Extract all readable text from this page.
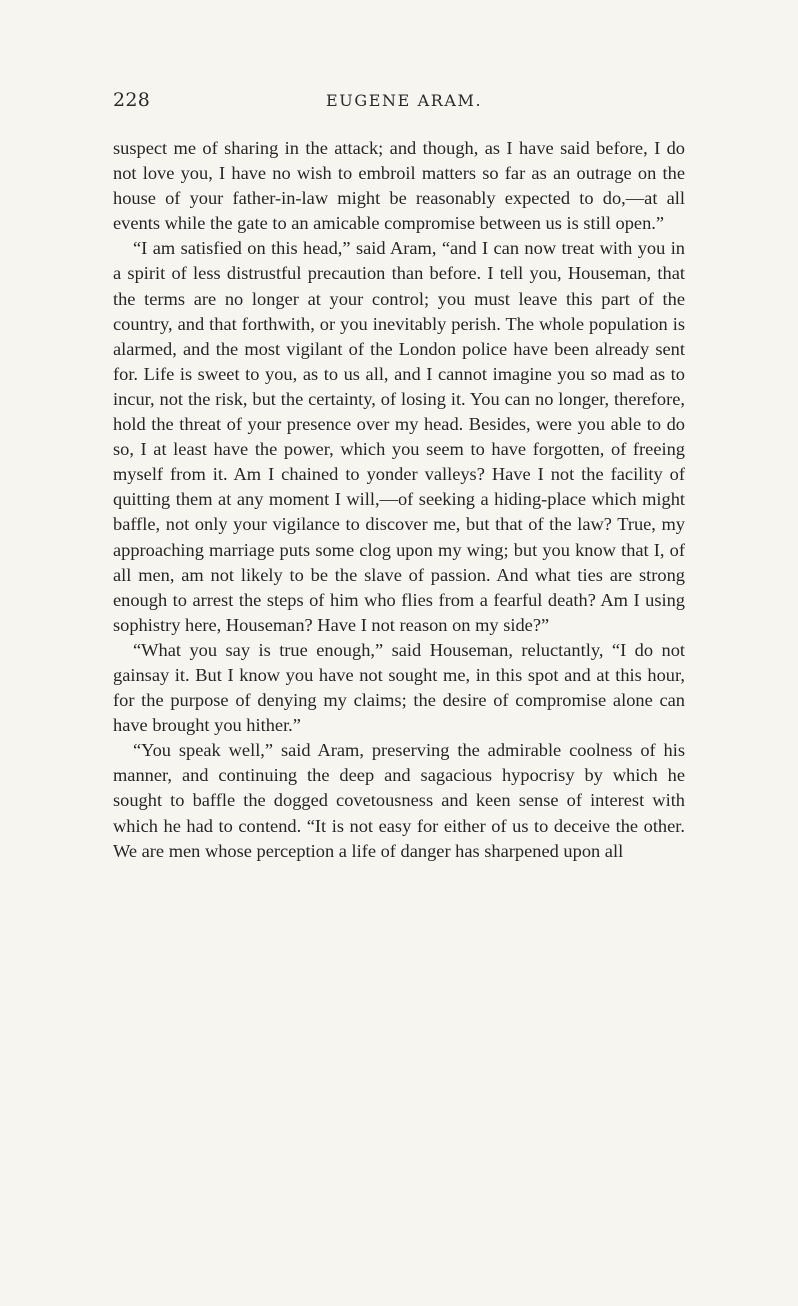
228	EUGENE ARAM.

suspect me of sharing in the attack; and though, as I have said before, I do not love you, I have no wish to embroil matters so far as an outrage on the house of your father-in-law might be reasonably expected to do,—at all events while the gate to an amicable compromise between us is still open.”

“I am satisfied on this head,” said Aram, “and I can now treat with you in a spirit of less distrustful precaution than before. I tell you, Houseman, that the terms are no longer at your control; you must leave this part of the country, and that forthwith, or you inevitably perish. The whole population is alarmed, and the most vigilant of the London police have been already sent for. Life is sweet to you, as to us all, and I cannot imagine you so mad as to incur, not the risk, but the certainty, of losing it. You can no longer, therefore, hold the threat of your presence over my head. Besides, were you able to do so, I at least have the power, which you seem to have forgotten, of freeing myself from it. Am I chained to yonder valleys? Have I not the facility of quitting them at any moment I will,—of seeking a hiding-place which might baffle, not only your vigilance to discover me, but that of the law? True, my approaching marriage puts some clog upon my wing; but you know that I, of all men, am not likely to be the slave of passion. And what ties are strong enough to arrest the steps of him who flies from a fearful death? Am I using sophistry here, Houseman? Have I not reason on my side?”

“What you say is true enough,” said Houseman, reluctantly, “I do not gainsay it. But I know you have not sought me, in this spot and at this hour, for the purpose of denying my claims; the desire of compromise alone can have brought you hither.”

“You speak well,” said Aram, preserving the admirable coolness of his manner, and continuing the deep and sagacious hypocrisy by which he sought to baffle the dogged covetousness and keen sense of interest with which he had to contend. “It is not easy for either of us to deceive the other. We are men whose perception a life of danger has sharpened upon all
